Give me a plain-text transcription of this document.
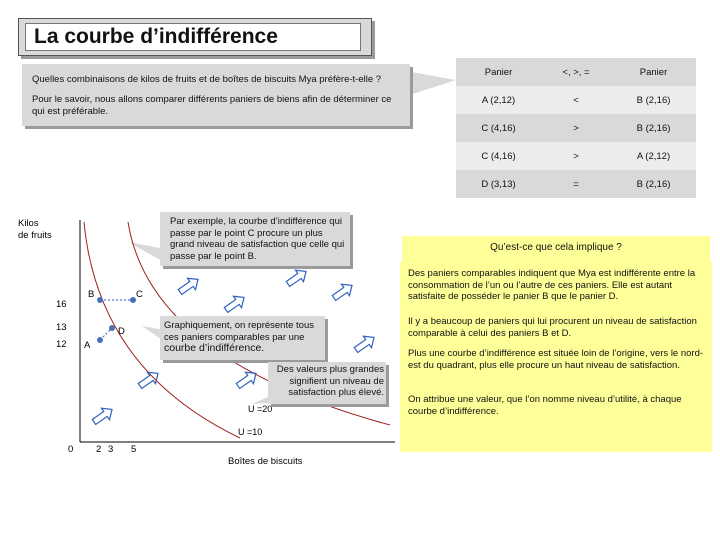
La courbe d’indifférence
Quelles combinaisons de kilos de fruits et de boîtes de biscuits Mya préfère-t-elle ?
Pour le savoir, nous allons comparer différents paniers de biens afin de déterminer ce qui est préférable.
Panier	<, >, =	Panier
A (2,12)	<	B (2,16)
C (4,16)	>	B (2,16)
C (4,16)	>	A (2,12)
D (3,13)	=	B (2,16)
Kilos
de fruits
16
13
12
0 2 3 5
Boîtes de biscuits
U =20
U =10
B	C
D
A
Par exemple, la courbe d’indifférence qui passe par le point C procure un plus grand niveau de satisfaction que celle qui passe par le point B.
Graphiquement, on représente tous ces paniers comparables par une courbe d’indifférence.
Des valeurs plus grandes signifient un niveau de satisfaction plus élevé.
Qu’est-ce que cela implique ?
Des paniers comparables indiquent que Mya est indifférente entre la consommation de l’un ou l’autre de ces paniers. Elle est autant satisfaite de posséder le panier B que le panier D.
Il y a beaucoup de paniers qui lui procurent un niveau de satisfaction comparable à celui des paniers B et D.
Plus une courbe d’indifférence est située loin de l’origine, vers le nord-est du quadrant, plus elle procure un haut niveau de satisfaction.
On attribue une valeur, que l’on nomme niveau d’utilité, à chaque courbe d’indifférence.
